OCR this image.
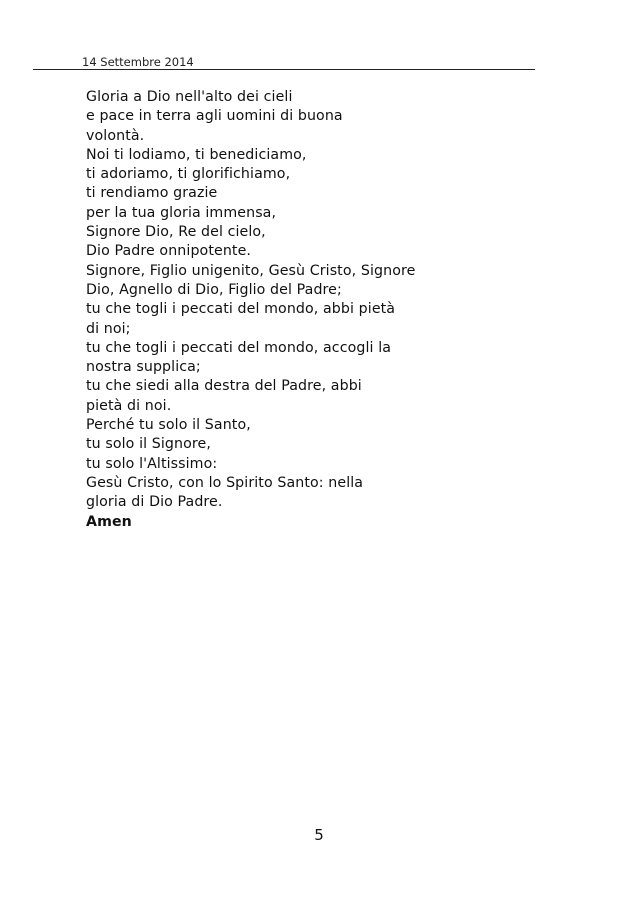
14 Settembre 2014
Gloria a Dio nell'alto dei cieli
e pace in terra agli uomini di buona
volontà.
Noi ti lodiamo, ti benediciamo,
ti adoriamo, ti glorifichiamo,
ti rendiamo grazie
per la tua gloria immensa,
Signore Dio, Re del cielo,
Dio Padre onnipotente.
Signore, Figlio unigenito, Gesù Cristo, Signore
Dio, Agnello di Dio, Figlio del Padre;
tu che togli i peccati del mondo, abbi pietà
di noi;
tu che togli i peccati del mondo, accogli la
nostra supplica;
tu che siedi alla destra del Padre, abbi
pietà di noi.
Perché tu solo il Santo,
tu solo il Signore,
tu solo l'Altissimo:
Gesù Cristo, con lo Spirito Santo: nella
gloria di Dio Padre.
Amen
5
